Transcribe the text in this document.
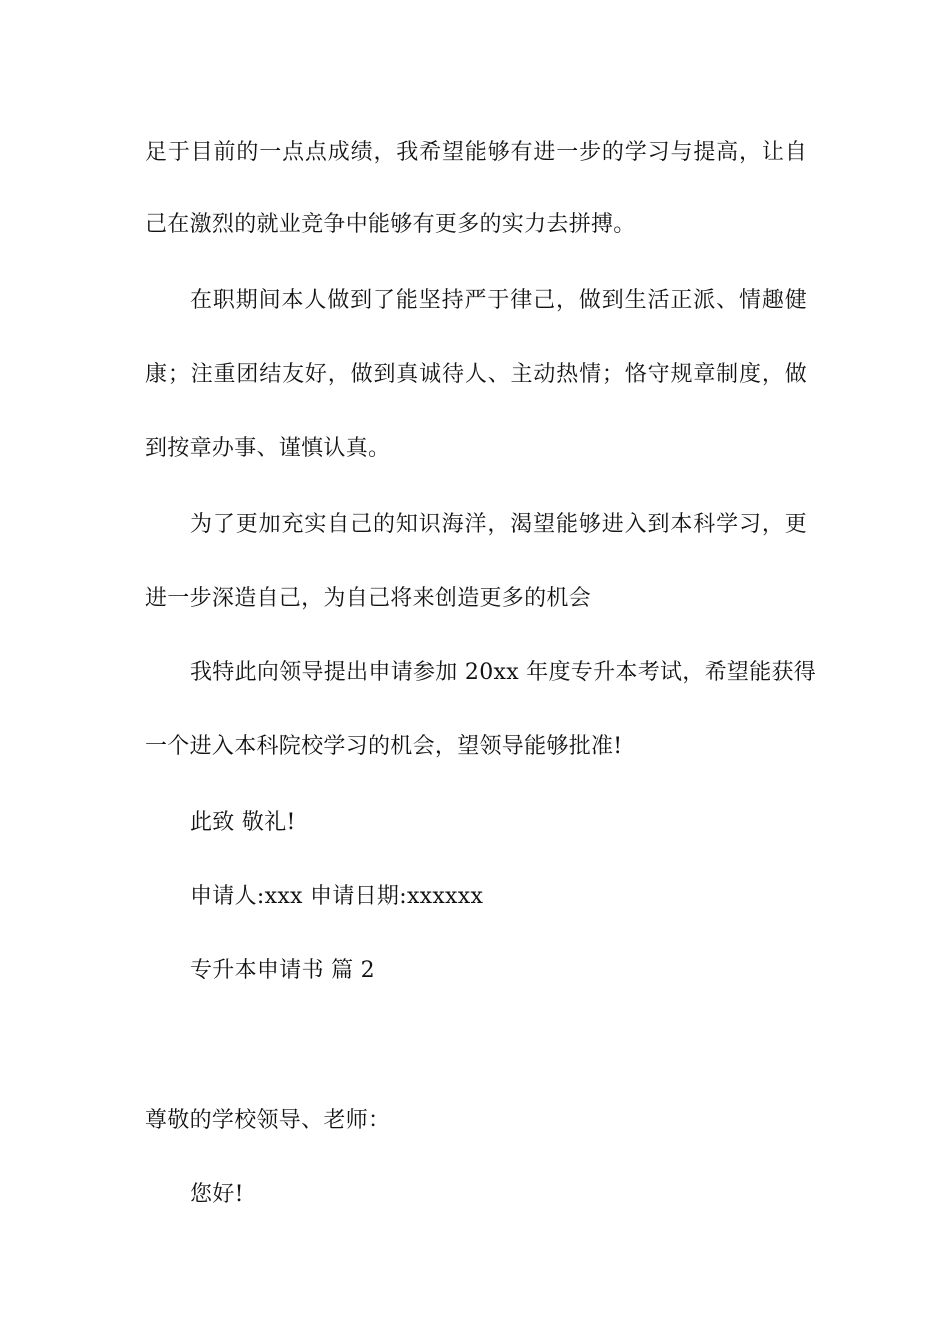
足于目前的一点点成绩，我希望能够有进一步的学习与提高，让自
己在激烈的就业竞争中能够有更多的实力去拼搏。
在职期间本人做到了能坚持严于律己，做到生活正派、情趣健
康；注重团结友好，做到真诚待人、主动热情；恪守规章制度，做
到按章办事、谨慎认真。
为了更加充实自己的知识海洋，渴望能够进入到本科学习，更
进一步深造自己，为自己将来创造更多的机会
我特此向领导提出申请参加 20xx 年度专升本考试，希望能获得
一个进入本科院校学习的机会，望领导能够批准!
此致 敬礼!
申请人:xxx 申请日期:xxxxxx
专升本申请书 篇 2
尊敬的学校领导、老师：
您好!
